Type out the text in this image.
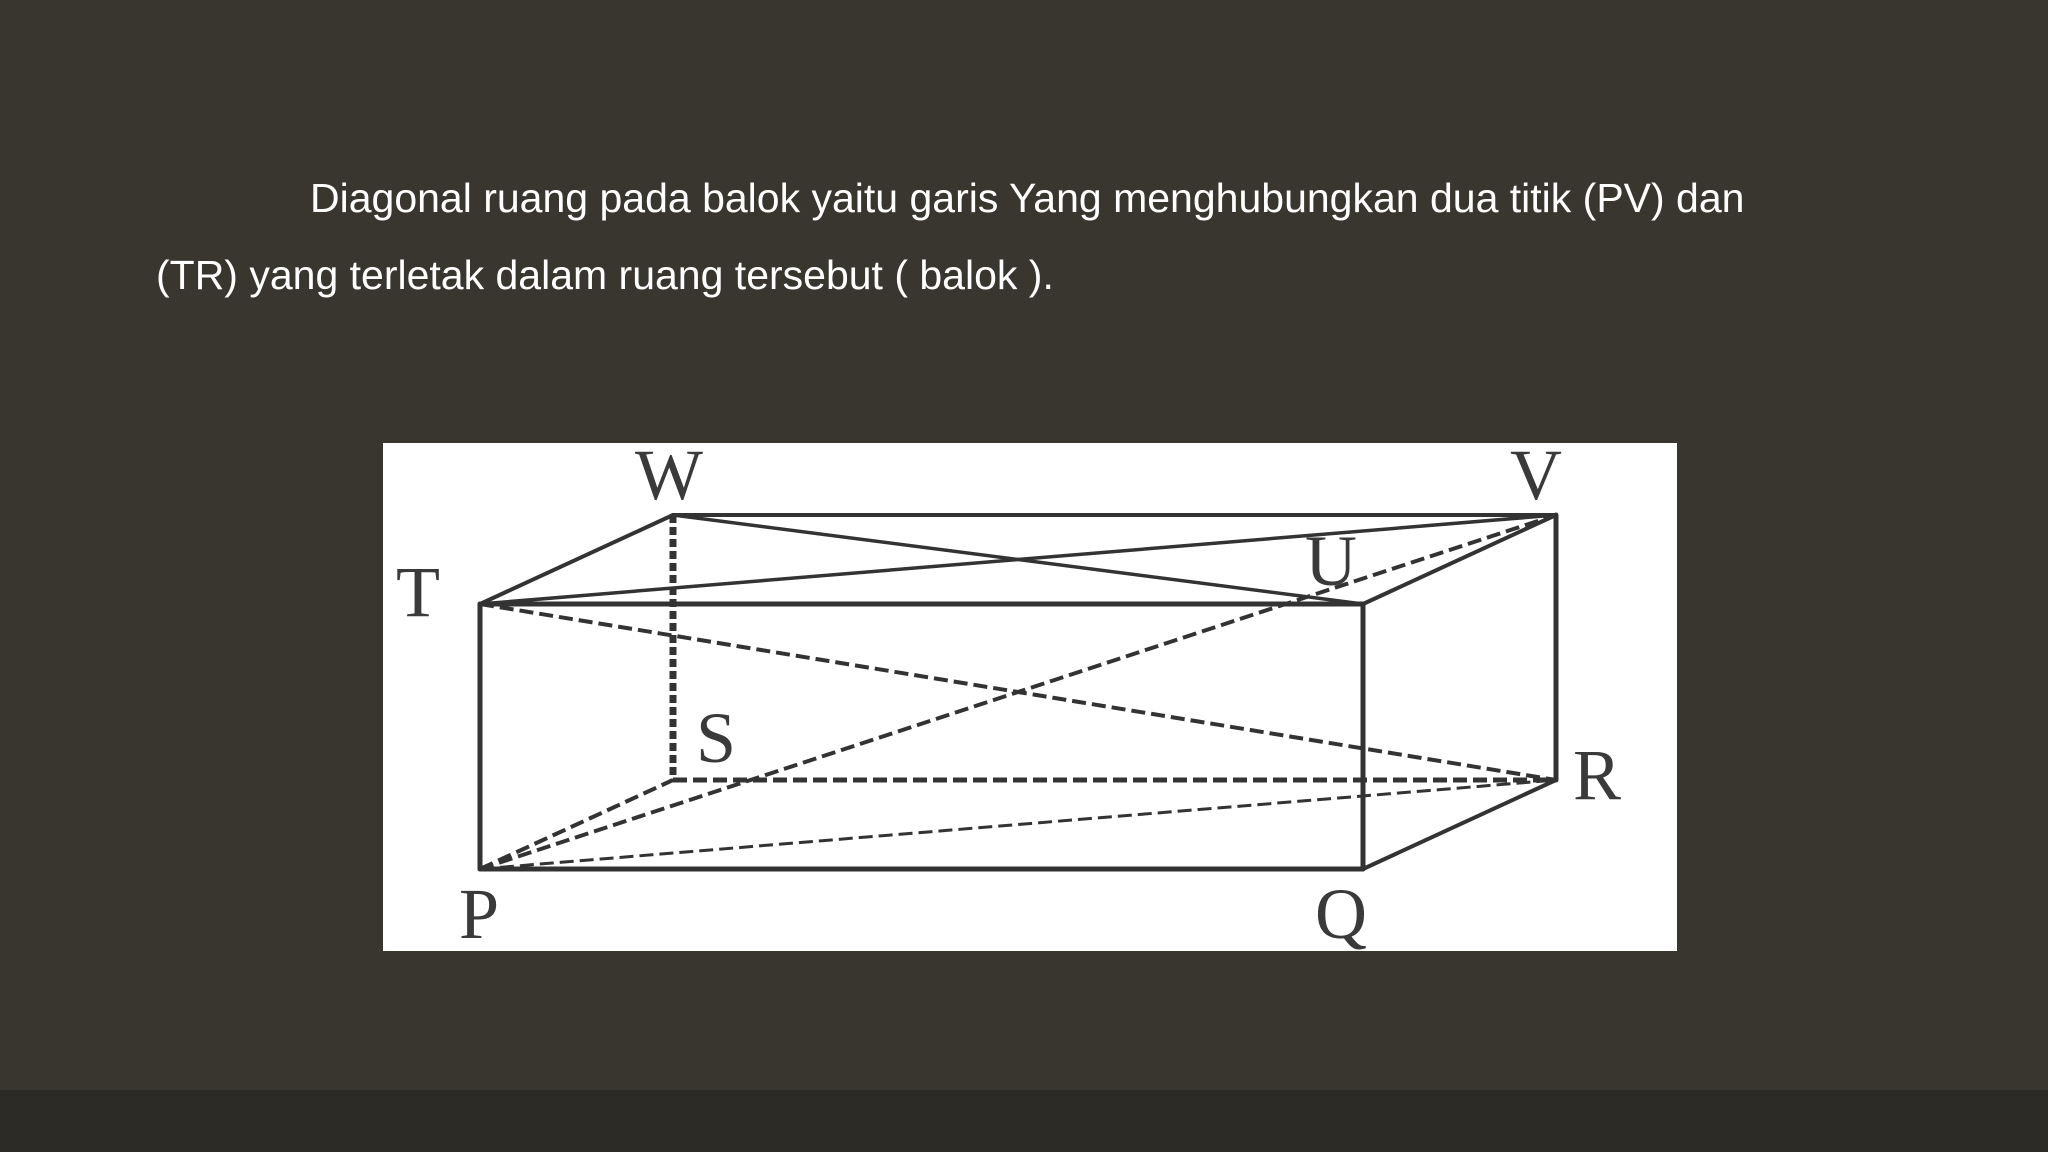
Diagonal ruang pada balok yaitu garis Yang menghubungkan dua titik (PV) dan
(TR) yang terletak dalam ruang tersebut ( balok ).
T
W	V
U
S	R
P	Q
